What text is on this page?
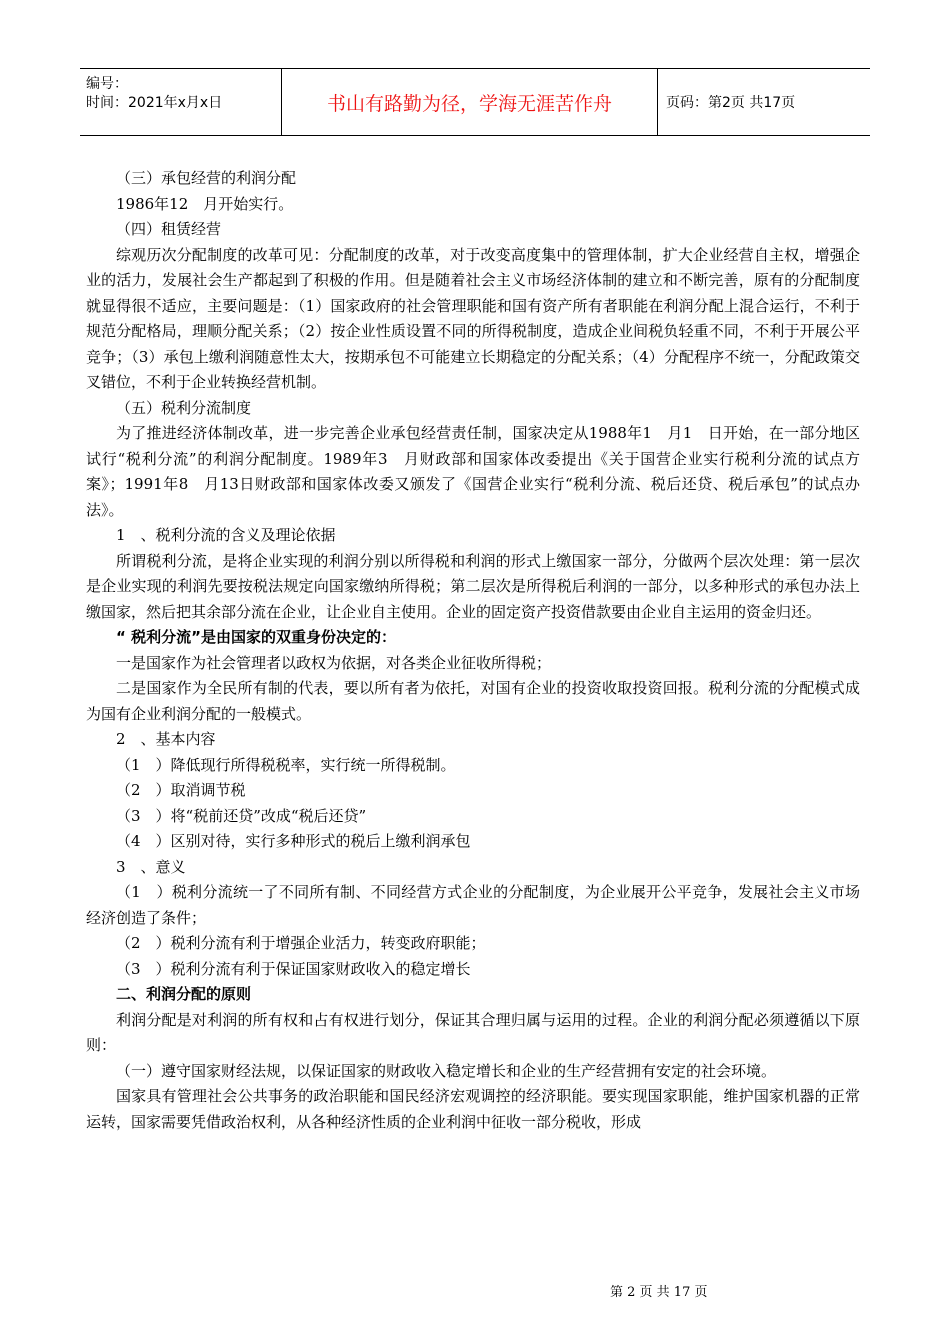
编号：
时间：2021年x月x日	书山有路勤为径，学海无涯苦作舟	页码：第2页 共17页

（三）承包经营的利润分配

1986年12　月开始实行。

（四）租赁经营

综观历次分配制度的改革可见：分配制度的改革，对于改变高度集中的管理体制，扩大企业经营自主权，增强企业的活力，发展社会生产都起到了积极的作用。但是随着社会主义市场经济体制的建立和不断完善，原有的分配制度就显得很不适应，主要问题是：（1）国家政府的社会管理职能和国有资产所有者职能在利润分配上混合运行，不利于规范分配格局，理顺分配关系；（2）按企业性质设置不同的所得税制度，造成企业间税负轻重不同，不利于开展公平竞争；（3）承包上缴利润随意性太大，按期承包不可能建立长期稳定的分配关系；（4）分配程序不统一，分配政策交叉错位，不利于企业转换经营机制。

（五）税利分流制度

为了推进经济体制改革，进一步完善企业承包经营责任制，国家决定从1988年1　月1　日开始，在一部分地区试行“税利分流”的利润分配制度。1989年3　月财政部和国家体改委提出《关于国营企业实行税利分流的试点方案》；1991年8　月13日财政部和国家体改委又颁发了《国营企业实行“税利分流、税后还贷、税后承包”的试点办法》。

1　、税利分流的含义及理论依据

所谓税利分流，是将企业实现的利润分别以所得税和利润的形式上缴国家一部分，分做两个层次处理：第一层次是企业实现的利润先要按税法规定向国家缴纳所得税；第二层次是所得税后利润的一部分，以多种形式的承包办法上缴国家，然后把其余部分流在企业，让企业自主使用。企业的固定资产投资借款要由企业自主运用的资金归还。

“ 税利分流”是由国家的双重身份决定的：

一是国家作为社会管理者以政权为依据，对各类企业征收所得税；

二是国家作为全民所有制的代表，要以所有者为依托，对国有企业的投资收取投资回报。税利分流的分配模式成为国有企业利润分配的一般模式。

2　、基本内容

（1　）降低现行所得税税率，实行统一所得税制。

（2　）取消调节税

（3　）将“税前还贷”改成“税后还贷”

（4　）区别对待，实行多种形式的税后上缴利润承包

3　、意义

（1　）税利分流统一了不同所有制、不同经营方式企业的分配制度，为企业展开公平竞争，发展社会主义市场经济创造了条件；

（2　）税利分流有利于增强企业活力，转变政府职能；

（3　）税利分流有利于保证国家财政收入的稳定增长

二、利润分配的原则

利润分配是对利润的所有权和占有权进行划分，保证其合理归属与运用的过程。企业的利润分配必须遵循以下原则：

（一）遵守国家财经法规，以保证国家的财政收入稳定增长和企业的生产经营拥有安定的社会环境。

国家具有管理社会公共事务的政治职能和国民经济宏观调控的经济职能。要实现国家职能，维护国家机器的正常运转，国家需要凭借政治权利，从各种经济性质的企业利润中征收一部分税收，形成

第 2 页 共 17 页
